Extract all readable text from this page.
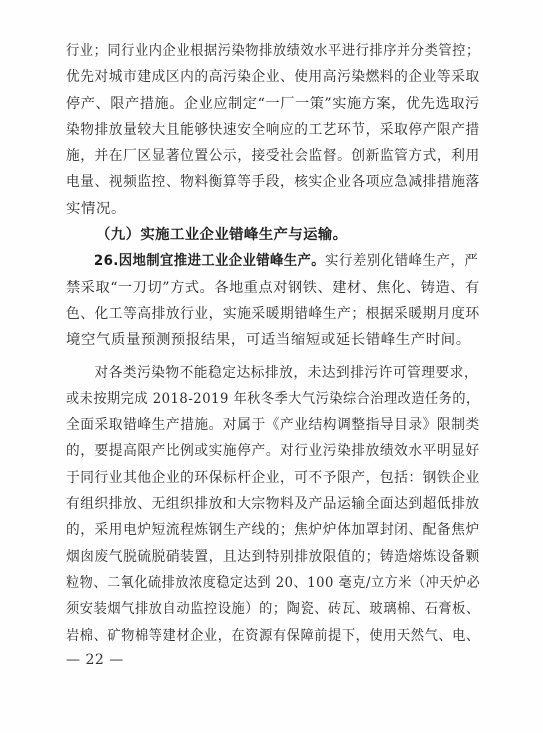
行业；同行业内企业根据污染物排放绩效水平进行排序并分类管控；
优先对城市建成区内的高污染企业、使用高污染燃料的企业等采取
停产、限产措施。企业应制定“一厂一策”实施方案，优先选取污
染物排放量较大且能够快速安全响应的工艺环节，采取停产限产措
施，并在厂区显著位置公示，接受社会监督。创新监管方式，利用
电量、视频监控、物料衡算等手段，核实企业各项应急减排措施落
实情况。
（九）实施工业企业错峰生产与运输。
26.因地制宜推进工业企业错峰生产。实行差别化错峰生产，严
禁采取“一刀切”方式。各地重点对钢铁、建材、焦化、铸造、有
色、化工等高排放行业，实施采暖期错峰生产；根据采暖期月度环
境空气质量预测预报结果，可适当缩短或延长错峰生产时间。
对各类污染物不能稳定达标排放，未达到排污许可管理要求，
或未按期完成 2018-2019 年秋冬季大气污染综合治理改造任务的，
全面采取错峰生产措施。对属于《产业结构调整指导目录》限制类
的，要提高限产比例或实施停产。对行业污染排放绩效水平明显好
于同行业其他企业的环保标杆企业，可不予限产，包括：钢铁企业
有组织排放、无组织排放和大宗物料及产品运输全面达到超低排放
的，采用电炉短流程炼钢生产线的；焦炉炉体加罩封闭、配备焦炉
烟囱废气脱硫脱硝装置，且达到特别排放限值的；铸造熔炼设备颗
粒物、二氧化硫排放浓度稳定达到 20、100 毫克/立方米（冲天炉必
须安装烟气排放自动监控设施）的；陶瓷、砖瓦、玻璃棉、石膏板、
岩棉、矿物棉等建材企业，在资源有保障前提下，使用天然气、电、
— 22 —
